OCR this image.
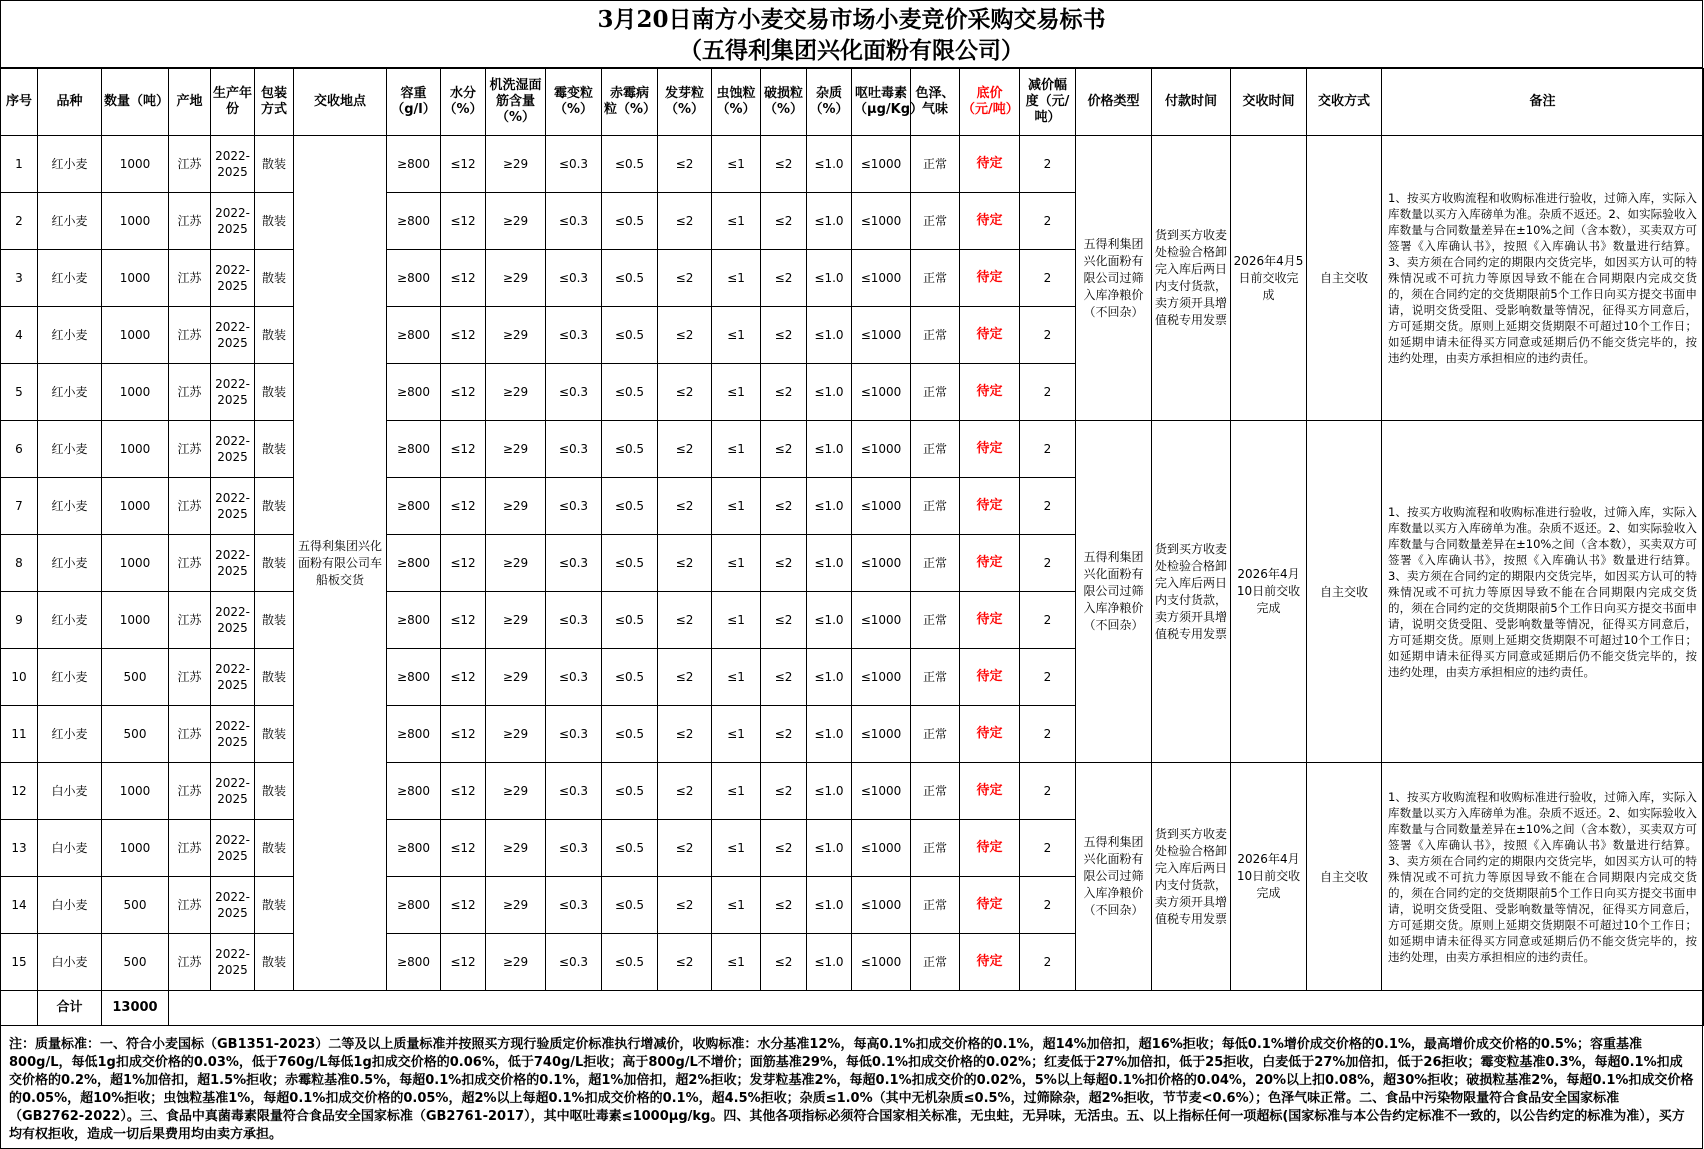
3月20日南方小麦交易市场小麦竞价采购交易标书
（五得利集团兴化面粉有限公司）
序号	品种	数量（吨）	产地	生产年份	包装方式	交收地点	容重（g/l）	水分（%）	机洗湿面筋含量（%）	霉变粒（%）	赤霉病粒（%）	发芽粒（%）	虫蚀粒（%）	破损粒（%）	杂质（%）	呕吐毒素（μg/Kg）	色泽、气味	底价（元/吨）	减价幅度（元/吨）	价格类型	付款时间	交收时间	交收方式	备注
1	红小麦	1000	江苏	2022-2025	散装	五得利集团兴化面粉有限公司车船板交货	≥800	≤12	≥29	≤0.3	≤0.5	≤2	≤1	≤2	≤1.0	≤1000	正常	待定	2	五得利集团兴化面粉有限公司过筛入库净粮价（不回杂）	货到买方收麦处检验合格卸完入库后两日内支付货款，卖方须开具增值税专用发票	2026年4月5日前交收完成	自主交收	1、按买方收购流程和收购标准进行验收，过筛入库，实际入库数量以买方入库磅单为准。杂质不返还。2、如实际验收入库数量与合同数量差异在±10%之间（含本数），买卖双方可签署《入库确认书》，按照《入库确认书》数量进行结算。3、卖方须在合同约定的期限内交货完毕，如因买方认可的特殊情况或不可抗力等原因导致不能在合同期限内完成交货的，须在合同约定的交货期限前5个工作日向买方提交书面申请，说明交货受阻、受影响数量等情况，征得买方同意后，方可延期交货。原则上延期交货期限不可超过10个工作日；如延期申请未征得买方同意或延期后仍不能交货完毕的，按违约处理，由卖方承担相应的违约责任。
2	红小麦	1000	江苏	2022-2025	散装		≥800	≤12	≥29	≤0.3	≤0.5	≤2	≤1	≤2	≤1.0	≤1000	正常	待定	2					
3	红小麦	1000	江苏	2022-2025	散装		≥800	≤12	≥29	≤0.3	≤0.5	≤2	≤1	≤2	≤1.0	≤1000	正常	待定	2					
4	红小麦	1000	江苏	2022-2025	散装		≥800	≤12	≥29	≤0.3	≤0.5	≤2	≤1	≤2	≤1.0	≤1000	正常	待定	2					
5	红小麦	1000	江苏	2022-2025	散装		≥800	≤12	≥29	≤0.3	≤0.5	≤2	≤1	≤2	≤1.0	≤1000	正常	待定	2					
6	红小麦	1000	江苏	2022-2025	散装		≥800	≤12	≥29	≤0.3	≤0.5	≤2	≤1	≤2	≤1.0	≤1000	正常	待定	2	五得利集团兴化面粉有限公司过筛入库净粮价（不回杂）	货到买方收麦处检验合格卸完入库后两日内支付货款，卖方须开具增值税专用发票	2026年4月10日前交收完成	自主交收	1、按买方收购流程和收购标准进行验收，过筛入库，实际入库数量以买方入库磅单为准。杂质不返还。2、如实际验收入库数量与合同数量差异在±10%之间（含本数），买卖双方可签署《入库确认书》，按照《入库确认书》数量进行结算。3、卖方须在合同约定的期限内交货完毕，如因买方认可的特殊情况或不可抗力等原因导致不能在合同期限内完成交货的，须在合同约定的交货期限前5个工作日向买方提交书面申请，说明交货受阻、受影响数量等情况，征得买方同意后，方可延期交货。原则上延期交货期限不可超过10个工作日；如延期申请未征得买方同意或延期后仍不能交货完毕的，按违约处理，由卖方承担相应的违约责任。
7	红小麦	1000	江苏	2022-2025	散装		≥800	≤12	≥29	≤0.3	≤0.5	≤2	≤1	≤2	≤1.0	≤1000	正常	待定	2					
8	红小麦	1000	江苏	2022-2025	散装		≥800	≤12	≥29	≤0.3	≤0.5	≤2	≤1	≤2	≤1.0	≤1000	正常	待定	2					
9	红小麦	1000	江苏	2022-2025	散装		≥800	≤12	≥29	≤0.3	≤0.5	≤2	≤1	≤2	≤1.0	≤1000	正常	待定	2					
10	红小麦	500	江苏	2022-2025	散装		≥800	≤12	≥29	≤0.3	≤0.5	≤2	≤1	≤2	≤1.0	≤1000	正常	待定	2					
11	红小麦	500	江苏	2022-2025	散装		≥800	≤12	≥29	≤0.3	≤0.5	≤2	≤1	≤2	≤1.0	≤1000	正常	待定	2					
12	白小麦	1000	江苏	2022-2025	散装		≥800	≤12	≥29	≤0.3	≤0.5	≤2	≤1	≤2	≤1.0	≤1000	正常	待定	2	五得利集团兴化面粉有限公司过筛入库净粮价（不回杂）	货到买方收麦处检验合格卸完入库后两日内支付货款，卖方须开具增值税专用发票	2026年4月10日前交收完成	自主交收	1、按买方收购流程和收购标准进行验收，过筛入库，实际入库数量以买方入库磅单为准。杂质不返还。2、如实际验收入库数量与合同数量差异在±10%之间（含本数），买卖双方可签署《入库确认书》，按照《入库确认书》数量进行结算。3、卖方须在合同约定的期限内交货完毕，如因买方认可的特殊情况或不可抗力等原因导致不能在合同期限内完成交货的，须在合同约定的交货期限前5个工作日向买方提交书面申请，说明交货受阻、受影响数量等情况，征得买方同意后，方可延期交货。原则上延期交货期限不可超过10个工作日；如延期申请未征得买方同意或延期后仍不能交货完毕的，按违约处理，由卖方承担相应的违约责任。
13	白小麦	1000	江苏	2022-2025	散装		≥800	≤12	≥29	≤0.3	≤0.5	≤2	≤1	≤2	≤1.0	≤1000	正常	待定	2					
14	白小麦	500	江苏	2022-2025	散装		≥800	≤12	≥29	≤0.3	≤0.5	≤2	≤1	≤2	≤1.0	≤1000	正常	待定	2					
15	白小麦	500	江苏	2022-2025	散装		≥800	≤12	≥29	≤0.3	≤0.5	≤2	≤1	≤2	≤1.0	≤1000	正常	待定	2					
	合计	13000																						
注：质量标准：一、符合小麦国标（GB1351-2023）二等及以上质量标准并按照买方现行验质定价标准执行增减价，收购标准：水分基准12%，每高0.1%扣成交价格的0.1%，超14%加倍扣，超16%拒收；每低0.1%增价成交价格的0.1%，最高增价成交价格的0.5%；容重基准800g/L，每低1g扣成交价格的0.03%，低于760g/L每低1g扣成交价格的0.06%，低于740g/L拒收；高于800g/L不增价；面筋基准29%，每低0.1%扣成交价格的0.02%；红麦低于27%加倍扣，低于25拒收，白麦低于27%加倍扣，低于26拒收；霉变粒基准0.3%，每超0.1%扣成交价格的0.2%，超1%加倍扣，超1.5%拒收；赤霉粒基准0.5%，每超0.1%扣成交价格的0.1%，超1%加倍扣，超2%拒收；发芽粒基准2%，每超0.1%扣成交价的0.02%，5%以上每超0.1%扣价格的0.04%，20%以上扣0.08%，超30%拒收；破损粒基准2%，每超0.1%扣成交价格的0.05%，超10%拒收；虫蚀粒基准1%，每超0.1%扣成交价格的0.05%，超2%以上每超0.1%扣成交价格的0.1%，超4.5%拒收；杂质≤1.0%（其中无机杂质≤0.5%，过筛除杂，超2%拒收，节节麦<0.6%）；色泽气味正常。二、食品中污染物限量符合食品安全国家标准（GB2762-2022）。三、食品中真菌毒素限量符合食品安全国家标准（GB2761-2017），其中呕吐毒素≤1000μg/kg。四、其他各项指标必须符合国家相关标准，无虫蛀，无异味，无活虫。五、以上指标任何一项超标(国家标准与本公告约定标准不一致的，以公告约定的标准为准），买方均有权拒收，造成一切后果费用均由卖方承担。
